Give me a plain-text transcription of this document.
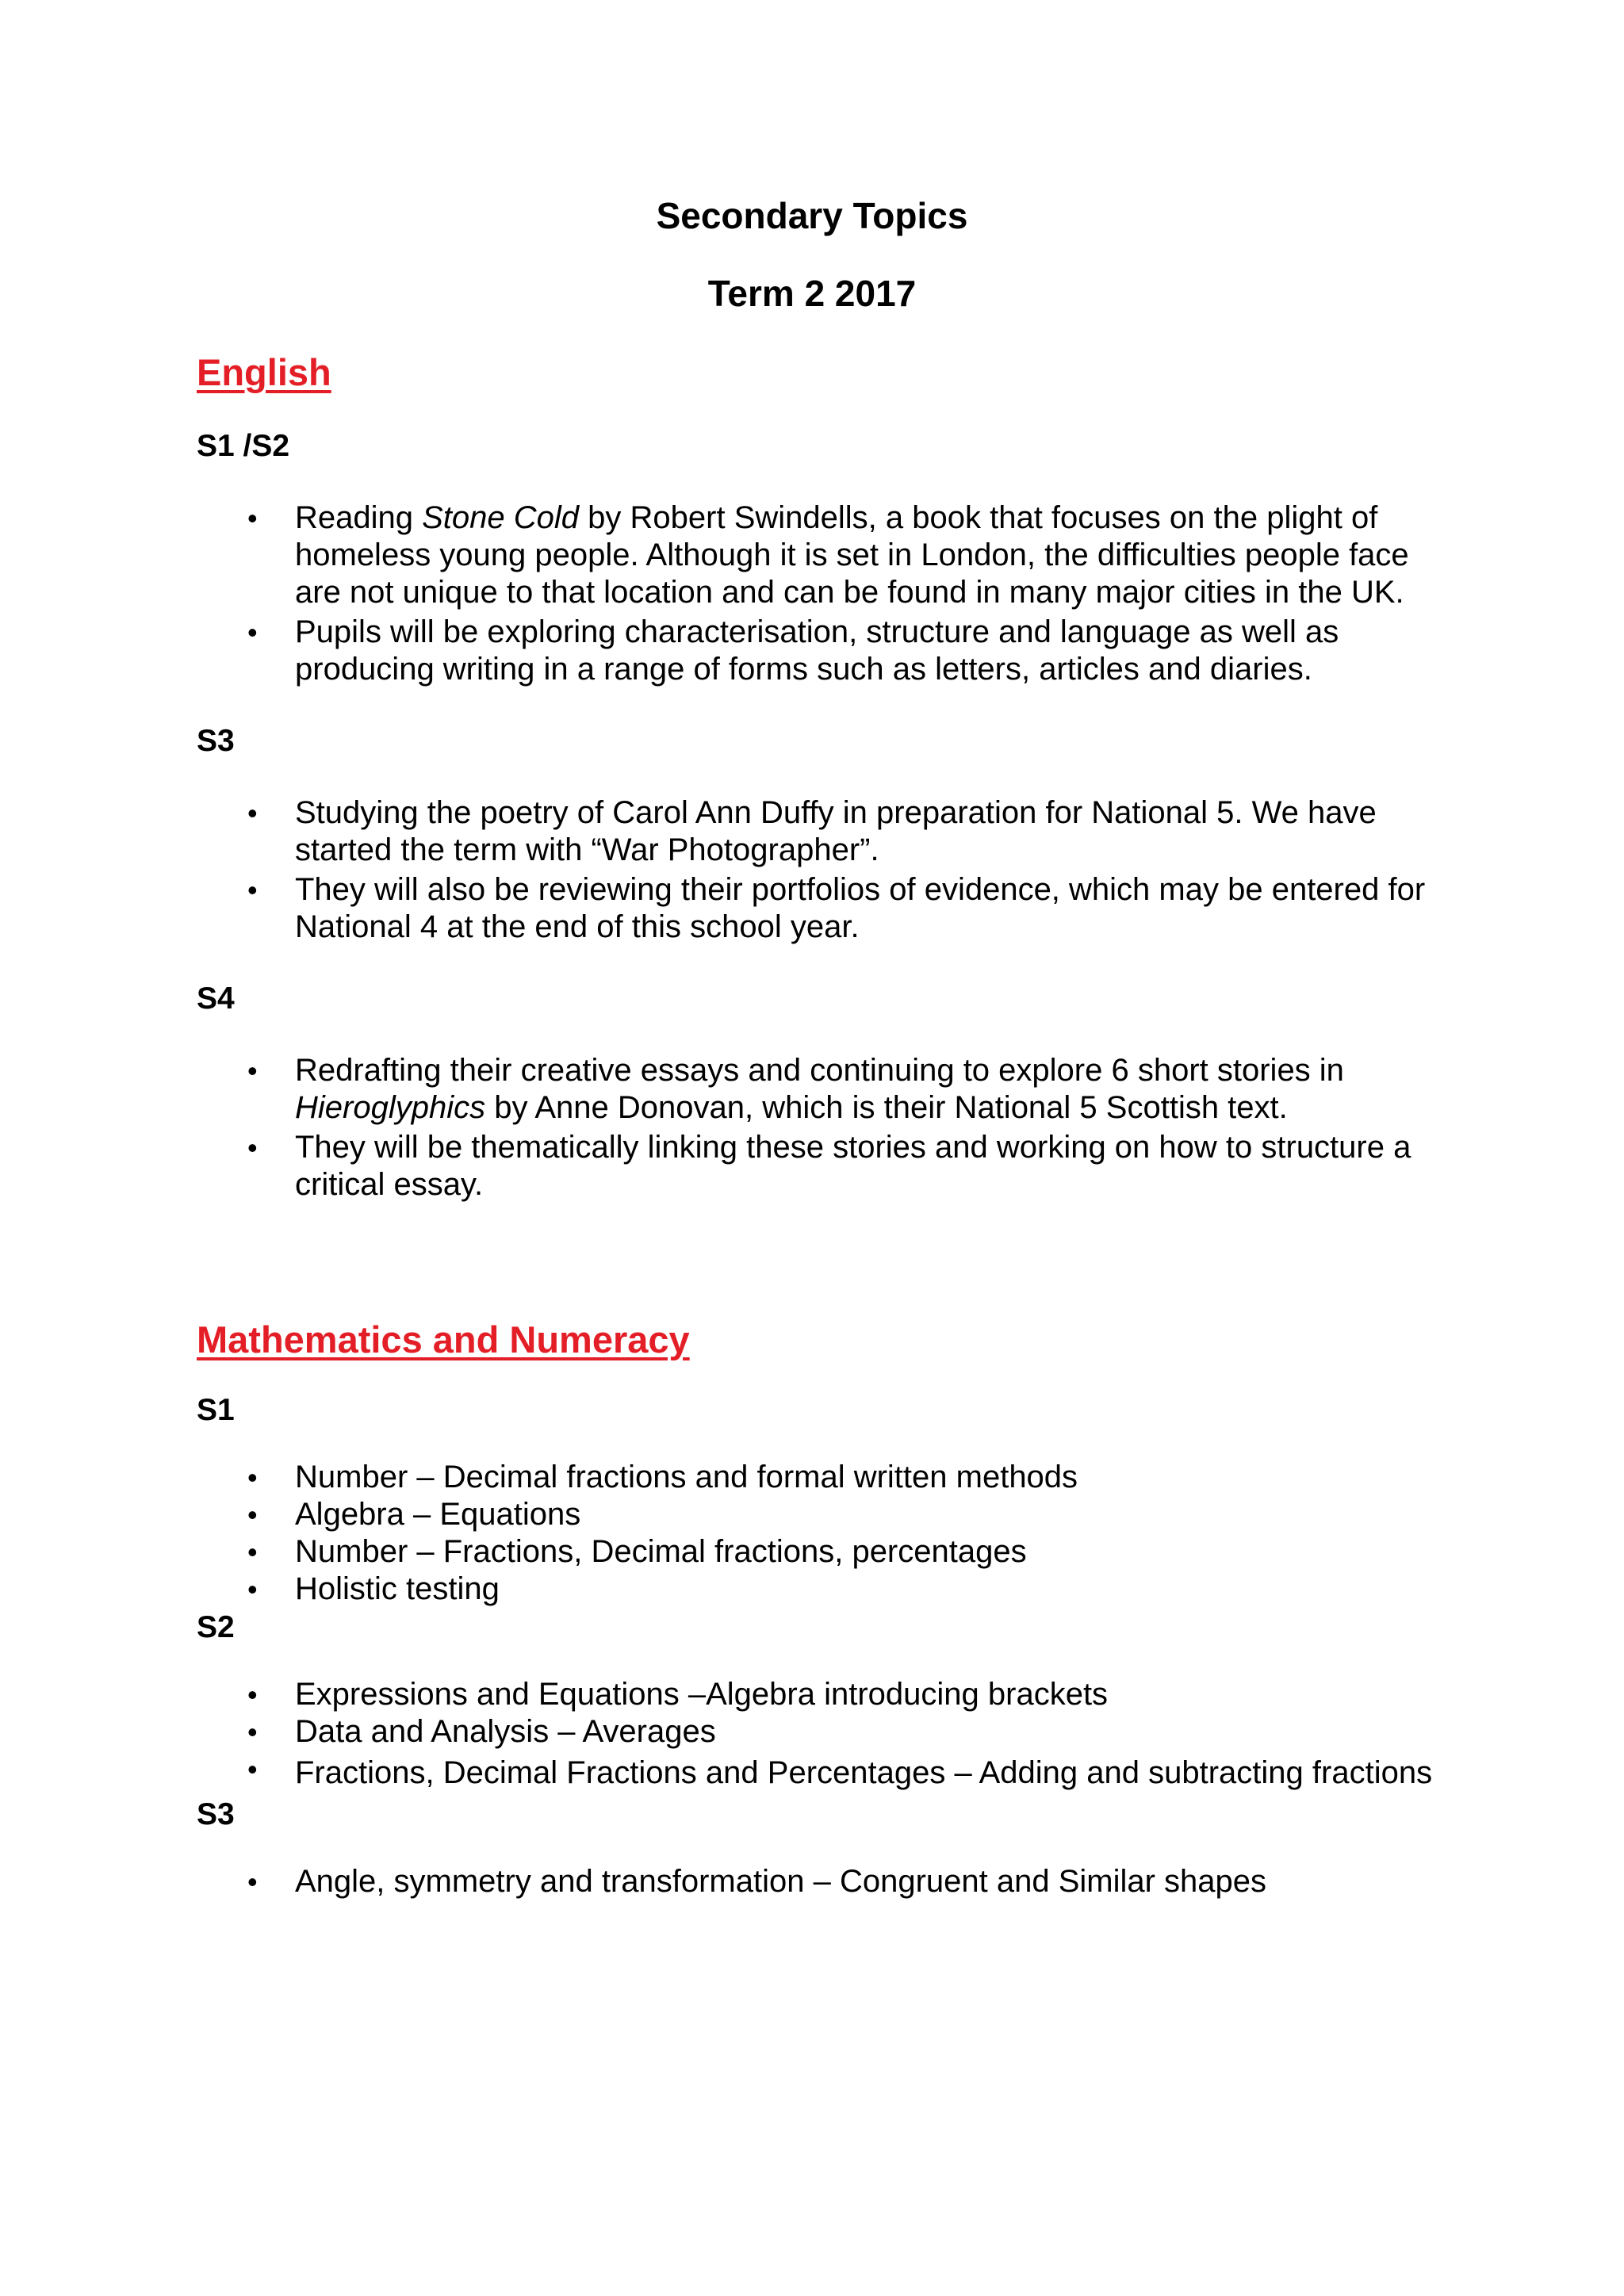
Secondary Topics

Term 2 2017

English

S1 /S2

• Reading Stone Cold by Robert Swindells, a book that focuses on the plight of homeless young people. Although it is set in London, the difficulties people face are not unique to that location and can be found in many major cities in the UK.
• Pupils will be exploring characterisation, structure and language as well as producing writing in a range of forms such as letters, articles and diaries.

S3

• Studying the poetry of Carol Ann Duffy in preparation for National 5. We have started the term with “War Photographer”.
• They will also be reviewing their portfolios of evidence, which may be entered for National 4 at the end of this school year.

S4

• Redrafting their creative essays and continuing to explore 6 short stories in Hieroglyphics by Anne Donovan, which is their National 5 Scottish text.
• They will be thematically linking these stories and working on how to structure a critical essay.
Mathematics and Numeracy

S1

• Number – Decimal fractions and formal written methods
• Algebra – Equations
• Number – Fractions, Decimal fractions, percentages
• Holistic testing

S2

• Expressions and Equations –Algebra introducing brackets
• Data and Analysis – Averages
• Fractions, Decimal Fractions and Percentages – Adding and subtracting fractions

S3

• Angle, symmetry and transformation – Congruent and Similar shapes
